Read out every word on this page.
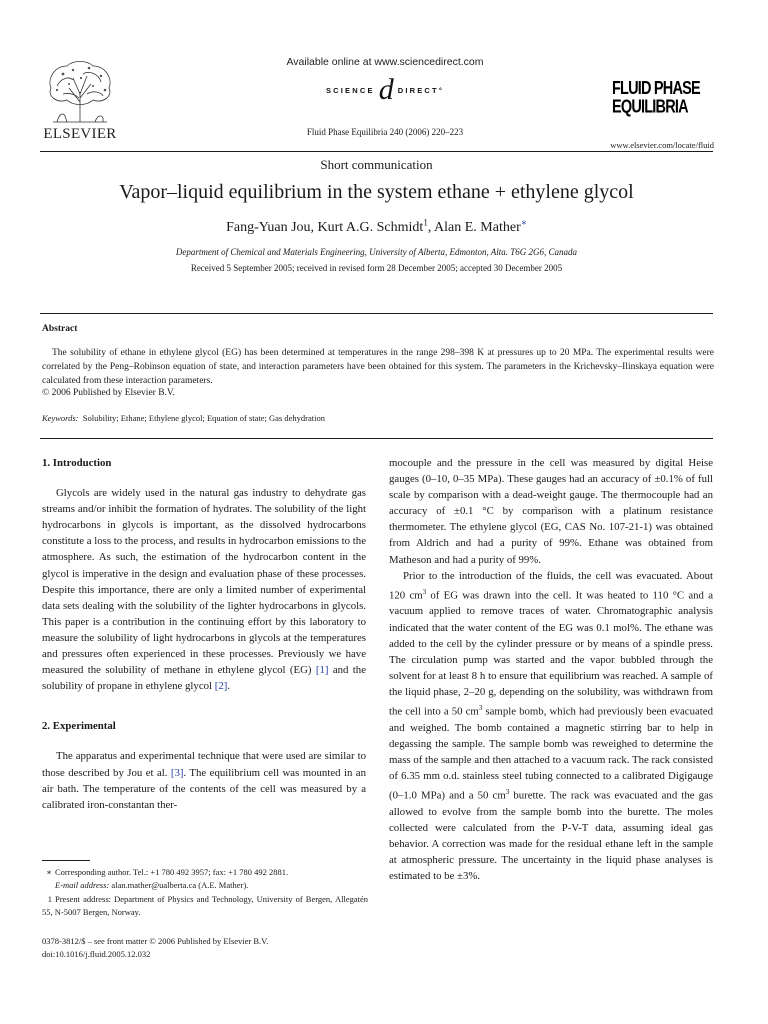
ELSEVIER
Available online at www.sciencedirect.com
SCIENCE d DIRECT°
Fluid Phase Equilibria 240 (2006) 220–223
FLUID PHASE
EQUILIBRIA
www.elsevier.com/locate/fluid
Short communication
Vapor–liquid equilibrium in the system ethane + ethylene glycol
Fang-Yuan Jou, Kurt A.G. Schmidt$^1$, Alan E. Mather∗
Department of Chemical and Materials Engineering, University of Alberta, Edmonton, Alta. T6G 2G6, Canada
Received 5 September 2005; received in revised form 28 December 2005; accepted 30 December 2005
Abstract

The solubility of ethane in ethylene glycol (EG) has been determined at temperatures in the range 298–398 K at pressures up to 20 MPa. The experimental results were correlated by the Peng–Robinson equation of state, and interaction parameters have been obtained for this system. The parameters in the Krichevsky–Ilinskaya equation were calculated from these interaction parameters.

© 2006 Published by Elsevier B.V.
Keywords: Solubility; Ethane; Ethylene glycol; Equation of state; Gas dehydration
1. Introduction

Glycols are widely used in the natural gas industry to dehydrate gas streams and/or inhibit the formation of hydrates. The solubility of the light hydrocarbons in glycols is important, as the dissolved hydrocarbons constitute a loss to the process, and results in hydrocarbon emissions to the atmosphere. As such, the estimation of the hydrocarbon content in the glycol is imperative in the design and evaluation phase of these processes. Despite this importance, there are only a limited number of experimental data sets dealing with the solubility of the lighter hydrocarbons in glycols. This paper is a contribution in the continuing effort by this laboratory to measure the solubility of light hydrocarbons in glycols at the temperatures and pressures often experienced in these processes. Previously we have measured the solubility of methane in ethylene glycol (EG) [1] and the solubility of propane in ethylene glycol [2].

2. Experimental

The apparatus and experimental technique that were used are similar to those described by Jou et al. [3]. The equilibrium cell was mounted in an air bath. The temperature of the contents of the cell was measured by a calibrated iron-constantan ther-

mocouple and the pressure in the cell was measured by digital Heise gauges (0–10, 0–35 MPa). These gauges had an accuracy of ±0.1% of full scale by comparison with a dead-weight gauge. The thermocouple had an accuracy of ±0.1 °C by comparison with a platinum resistance thermometer. The ethylene glycol (EG, CAS No. 107-21-1) was obtained from Aldrich and had a purity of 99%. Ethane was obtained from Matheson and had a purity of 99%.

Prior to the introduction of the fluids, the cell was evacuated. About 120 $cm^3$ of EG was drawn into the cell. It was heated to 110 °C and a vacuum applied to remove traces of water. Chromatographic analysis indicated that the water content of the EG was 0.1 mol%. The ethane was added to the cell by the cylinder pressure or by means of a spindle press. The circulation pump was started and the vapor bubbled through the solvent for at least 8 h to ensure that equilibrium was reached. A sample of the liquid phase, 2–20 g, depending on the solubility, was withdrawn from the cell into a 50 $cm^3$ sample bomb, which had previously been evacuated and weighed. The bomb contained a magnetic stirring bar to help in degassing the sample. The sample bomb was reweighed to determine the mass of the sample and then attached to a vacuum rack. The rack consisted of 6.35 mm o.d. stainless steel tubing connected to a calibrated Digigauge (0–1.0 MPa) and a 50 $cm^3$ burette. The rack was evacuated and the gas allowed to evolve from the sample bomb into the burette. The moles collected were calculated from the P-V-T data, assuming ideal gas behavior. A correction was made for the residual ethane left in the sample at atmospheric pressure. The uncertainty in the liquid phase analyses is estimated to be ±3%.

∗ Corresponding author. Tel.: +1 780 492 3957; fax: +1 780 492 2881.
E-mail address: alan.mather@ualberta.ca (A.E. Mather).
1 Present address: Department of Physics and Technology, University of Bergen, Allegatén 55, N-5007 Bergen, Norway.
0378-3812/$ – see front matter © 2006 Published by Elsevier B.V.
doi:10.1016/j.fluid.2005.12.032
